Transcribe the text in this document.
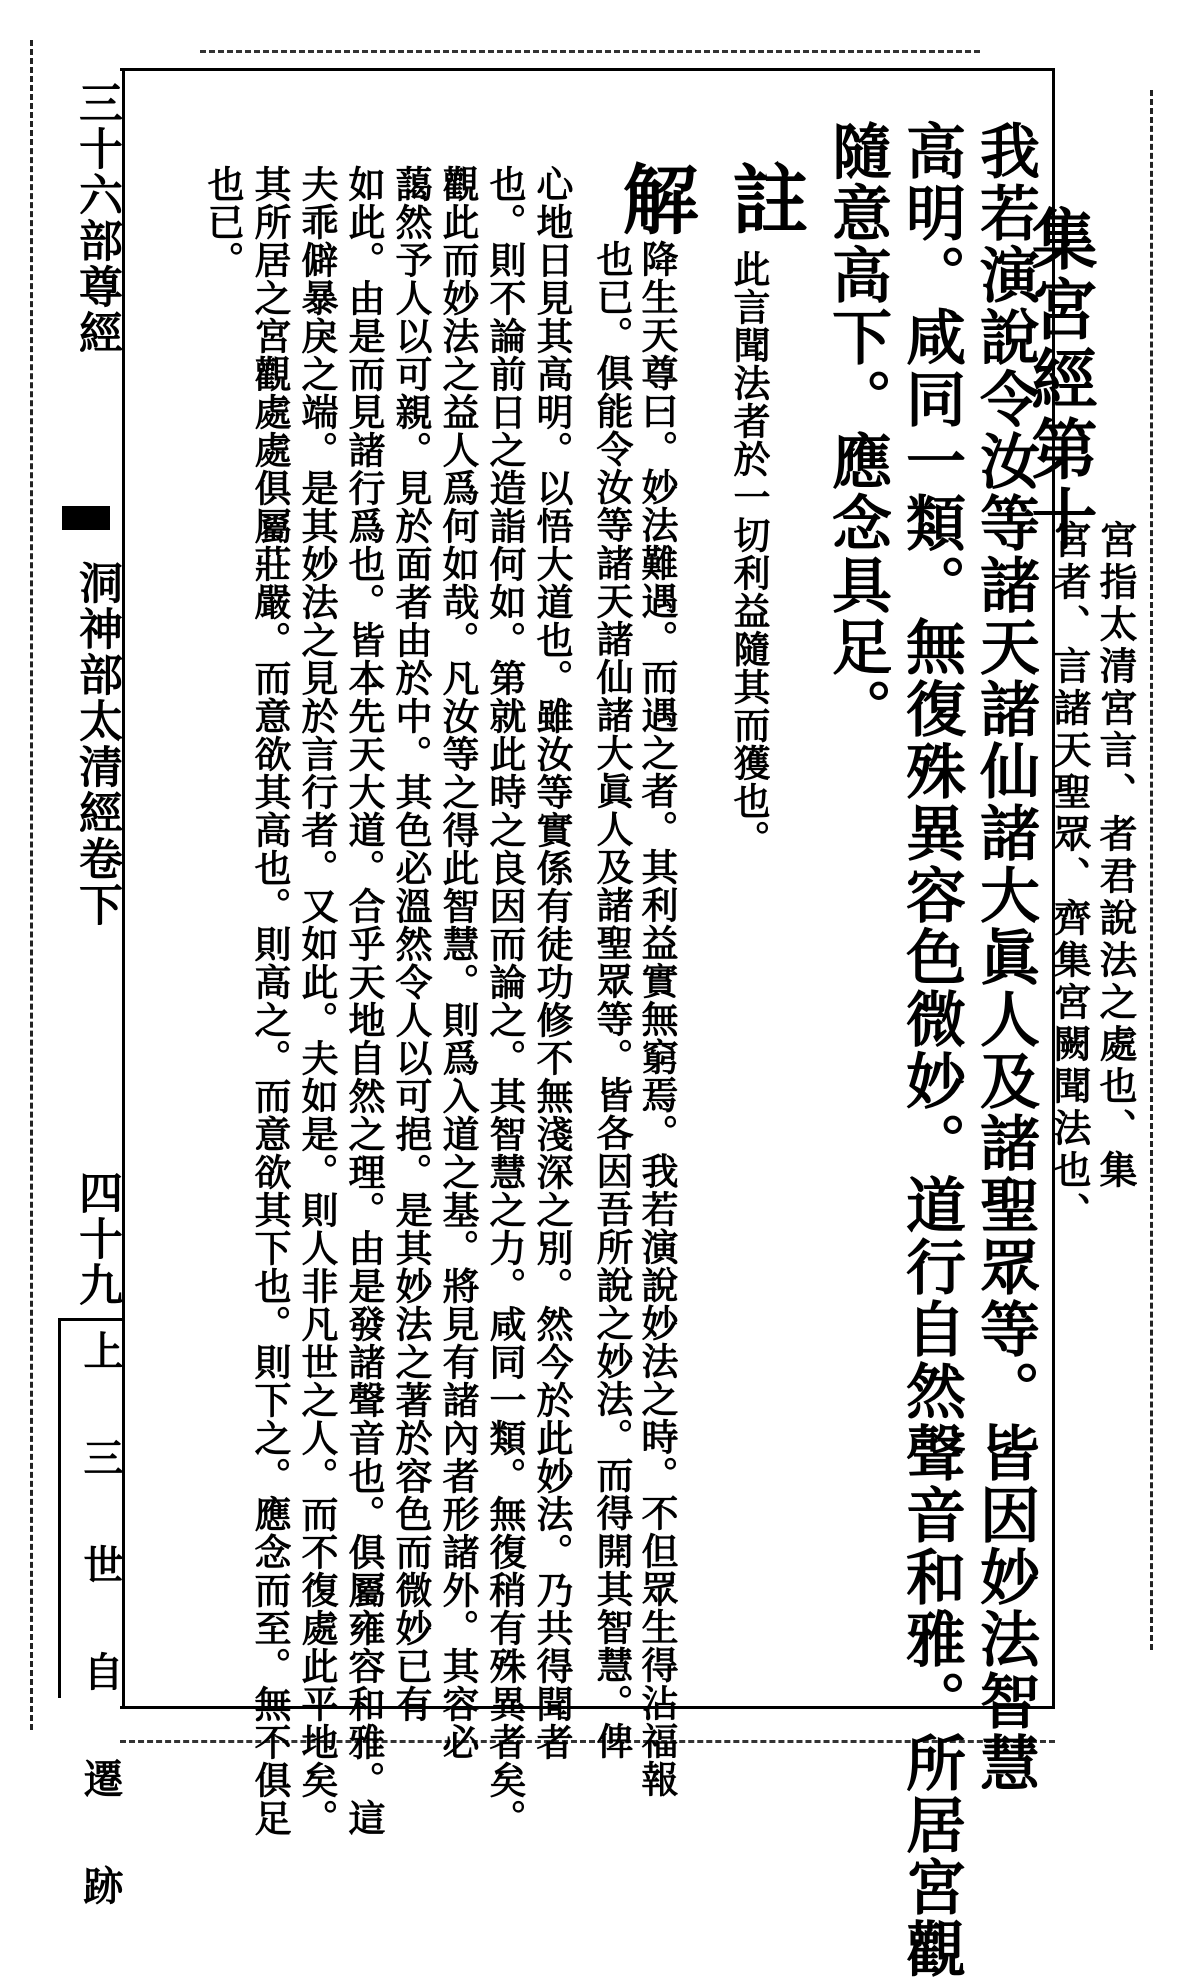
集宮經第十
宮指太清宮言、者君說法之處也、集
宮者、言諸天聖眾、齊集宮闕聞法也、
我若演說令汝等諸天諸仙諸大眞人及諸聖眾等。皆因妙法智慧
高明。咸同一類。無復殊異容色微妙。道行自然聲音和雅。所居宮觀
隨意高下。應念具足。
註
此言聞法者於一切利益隨其而獲也。
解
降生天尊曰。妙法難遇。而遇之者。其利益實無窮焉。我若演說妙法之時。不但眾生得沾福報
也已。俱能令汝等諸天諸仙諸大眞人及諸聖眾等。皆各因吾所說之妙法。而得開其智慧。俾
心地日見其高明。以悟大道也。雖汝等實係有徒功修不無淺深之別。然今於此妙法。乃共得聞者
也。則不論前日之造詣何如。第就此時之良因而論之。其智慧之力。咸同一類。無復稍有殊異者矣。
觀此而妙法之益人爲何如哉。凡汝等之得此智慧。則爲入道之基。將見有諸內者形諸外。其容必
藹然予人以可親。見於面者由於中。其色必溫然令人以可挹。是其妙法之著於容色而微妙已有
如此。由是而見諸行爲也。皆本先天大道。合乎天地自然之理。由是發諸聲音也。俱屬雍容和雅。這
夫乖僻暴戾之端。是其妙法之見於言行者。又如此。夫如是。則人非凡世之人。而不復處此平地矣。
其所居之宮觀處處俱屬莊嚴。而意欲其高也。則高之。而意欲其下也。則下之。應念而至。無不俱足
也已。
三十六部尊經
洞神部太清經卷下
四十九
上 三 世 自 遷 跡
